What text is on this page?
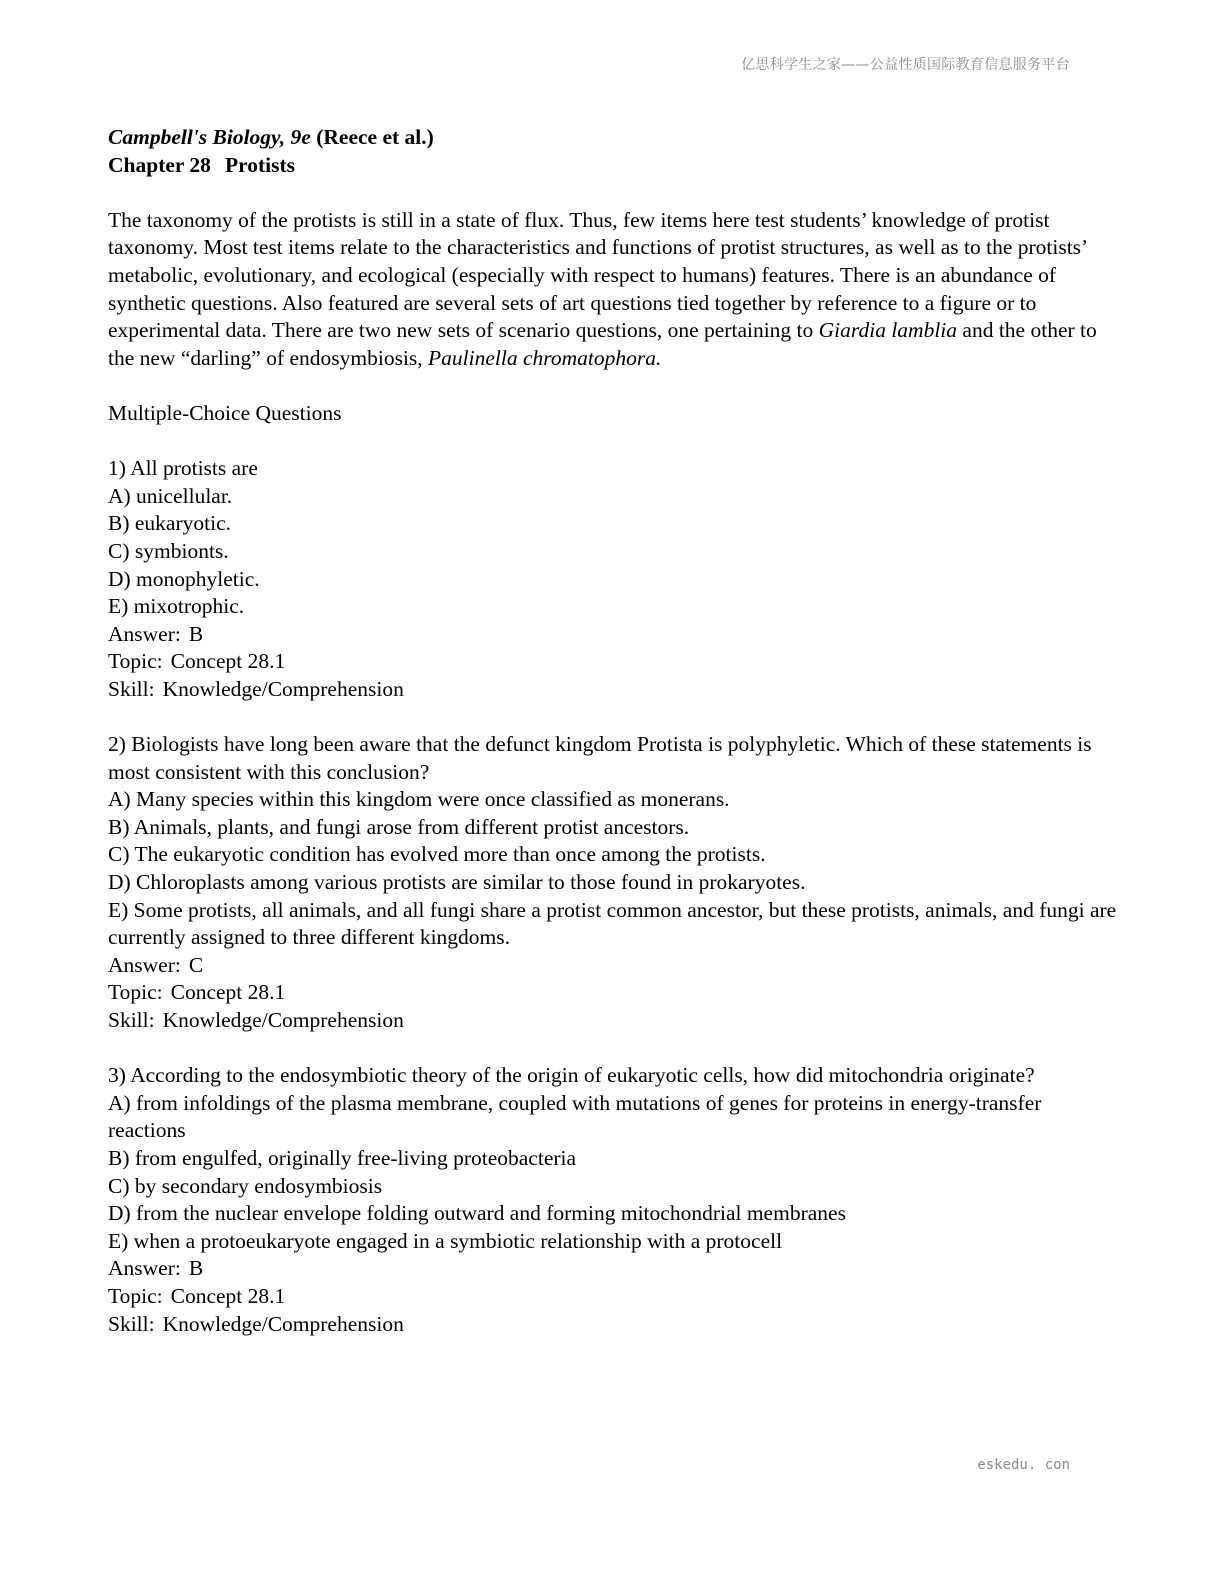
亿思科学生之家——公益性质国际教育信息服务平台
Campbell's Biology, 9e (Reece et al.)
Chapter 28 Protists
The taxonomy of the protists is still in a state of flux. Thus, few items here test students’ knowledge of protist taxonomy. Most test items relate to the characteristics and functions of protist structures, as well as to the protists’ metabolic, evolutionary, and ecological (especially with respect to humans) features. There is an abundance of synthetic questions. Also featured are several sets of art questions tied together by reference to a figure or to experimental data. There are two new sets of scenario questions, one pertaining to Giardia lamblia and the other to the new “darling” of endosymbiosis, Paulinella chromatophora.
Multiple-Choice Questions
1) All protists are
A) unicellular.
B) eukaryotic.
C) symbionts.
D) monophyletic.
E) mixotrophic.
Answer: B
Topic: Concept 28.1
Skill: Knowledge/Comprehension
2) Biologists have long been aware that the defunct kingdom Protista is polyphyletic. Which of these statements is most consistent with this conclusion?
A) Many species within this kingdom were once classified as monerans.
B) Animals, plants, and fungi arose from different protist ancestors.
C) The eukaryotic condition has evolved more than once among the protists.
D) Chloroplasts among various protists are similar to those found in prokaryotes.
E) Some protists, all animals, and all fungi share a protist common ancestor, but these protists, animals, and fungi are currently assigned to three different kingdoms.
Answer: C
Topic: Concept 28.1
Skill: Knowledge/Comprehension
3) According to the endosymbiotic theory of the origin of eukaryotic cells, how did mitochondria originate?
A) from infoldings of the plasma membrane, coupled with mutations of genes for proteins in energy-transfer reactions
B) from engulfed, originally free-living proteobacteria
C) by secondary endosymbiosis
D) from the nuclear envelope folding outward and forming mitochondrial membranes
E) when a protoeukaryote engaged in a symbiotic relationship with a protocell
Answer: B
Topic: Concept 28.1
Skill: Knowledge/Comprehension
eskedu. con
